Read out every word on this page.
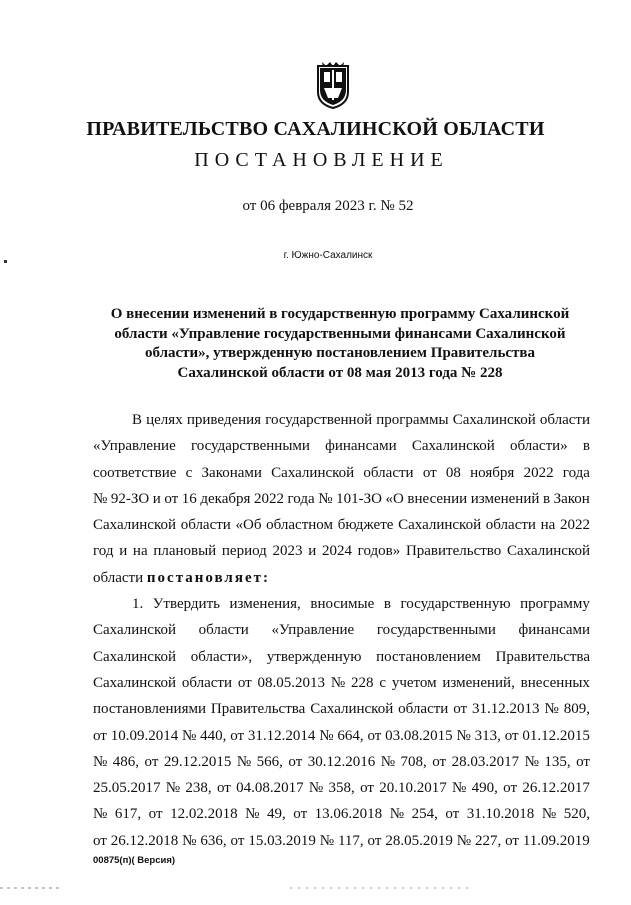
ПРАВИТЕЛЬСТВО САХАЛИНСКОЙ ОБЛАСТИ
ПОСТАНОВЛЕНИЕ
от 06 февраля 2023 г. № 52
г. Южно-Сахалинск
О внесении изменений в государственную программу Сахалинской
области «Управление государственными финансами Сахалинской
области», утвержденную постановлением Правительства
Сахалинской области от 08 мая 2013 года № 228
В целях приведения государственной программы Сахалинской области
«Управление государственными финансами Сахалинской области» в
соответствие с Законами Сахалинской области от 08 ноября 2022 года
№ 92-ЗО и от 16 декабря 2022 года № 101-ЗО «О внесении изменений в Закон
Сахалинской области «Об областном бюджете Сахалинской области на 2022
год и на плановый период 2023 и 2024 годов» Правительство Сахалинской
области
постановляет:
1. Утвердить изменения, вносимые в государственную программу
Сахалинской области «Управление государственными финансами
Сахалинской области», утвержденную постановлением Правительства
Сахалинской области от 08.05.2013 № 228 с учетом изменений, внесенных
постановлениями Правительства Сахалинской области от 31.12.2013 № 809,
от 10.09.2014 № 440, от 31.12.2014 № 664, от 03.08.2015 № 313, от 01.12.2015
№ 486, от 29.12.2015 № 566, от 30.12.2016 № 708, от 28.03.2017 № 135, от
25.05.2017 № 238, от 04.08.2017 № 358, от 20.10.2017 № 490, от 26.12.2017
№ 617, от 12.02.2018 № 49, от 13.06.2018 № 254, от 31.10.2018 № 520,
от 26.12.2018 № 636, от 15.03.2019 № 117, от 28.05.2019 № 227, от 11.09.2019
00875(п)( Версия)
